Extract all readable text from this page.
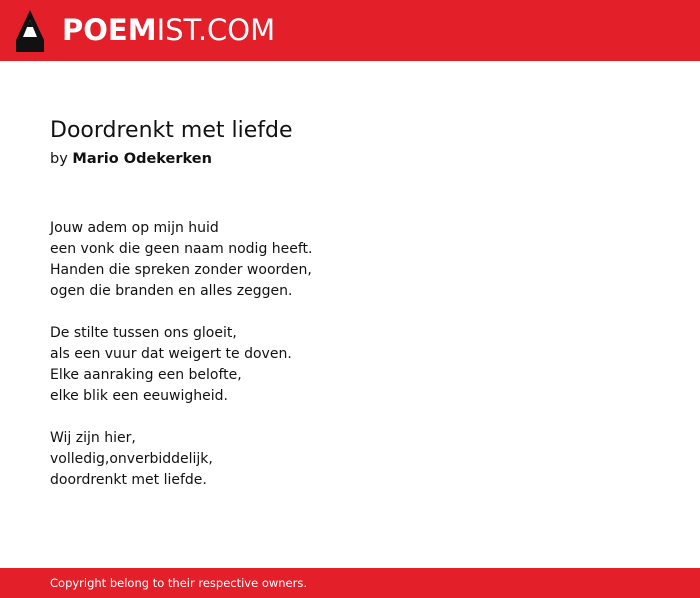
POEMIST.COM
Doordrenkt met liefde
by Mario Odekerken
Jouw adem op mijn huid
een vonk die geen naam nodig heeft.
Handen die spreken zonder woorden,
ogen die branden en alles zeggen.
De stilte tussen ons gloeit,
als een vuur dat weigert te doven.
Elke aanraking een belofte,
elke blik een eeuwigheid.
Wij zijn hier,
volledig,onverbiddelijk,
doordrenkt met liefde.
Copyright belong to their respective owners.
